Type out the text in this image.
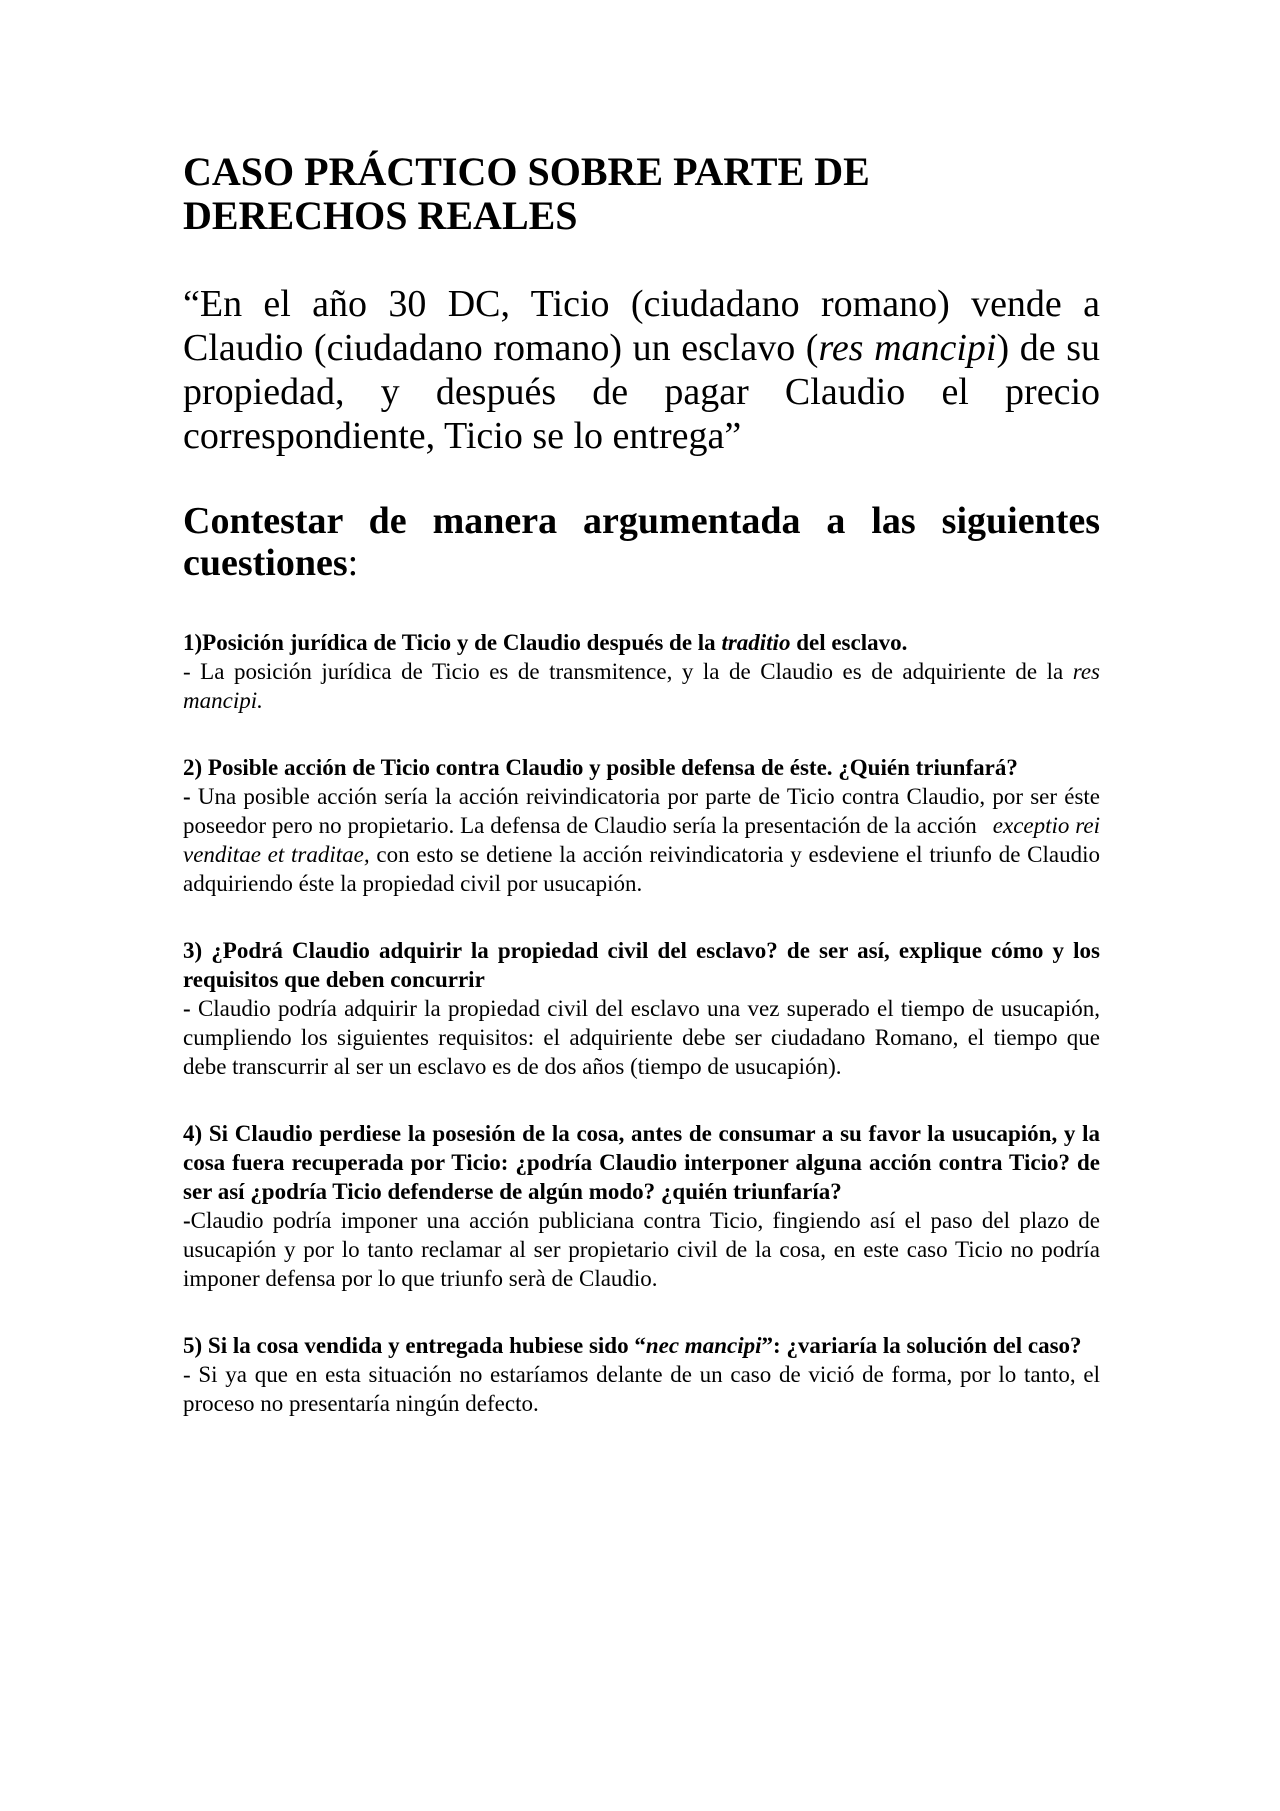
CASO PRÁCTICO SOBRE PARTE DE DERECHOS REALES

“En el año 30 DC, Ticio (ciudadano romano) vende a Claudio (ciudadano romano) un esclavo (res mancipi) de su propiedad, y después de pagar Claudio el precio correspondiente, Ticio se lo entrega”

Contestar de manera argumentada a las siguientes cuestiones:

1)Posición jurídica de Ticio y de Claudio después de la traditio del esclavo.

- La posición jurídica de Ticio es de transmitence, y la de Claudio es de adquiriente de la res mancipi.

2) Posible acción de Ticio contra Claudio y posible defensa de éste. ¿Quién triunfará?

- Una posible acción sería la acción reivindicatoria por parte de Ticio contra Claudio, por ser éste poseedor pero no propietario. La defensa de Claudio sería la presentación de la acción exceptio rei venditae et traditae, con esto se detiene la acción reivindicatoria y esdeviene el triunfo de Claudio adquiriendo éste la propiedad civil por usucapión.

3) ¿Podrá Claudio adquirir la propiedad civil del esclavo? de ser así, explique cómo y los requisitos que deben concurrir

- Claudio podría adquirir la propiedad civil del esclavo una vez superado el tiempo de usucapión, cumpliendo los siguientes requisitos: el adquiriente debe ser ciudadano Romano, el tiempo que debe transcurrir al ser un esclavo es de dos años (tiempo de usucapión).

4) Si Claudio perdiese la posesión de la cosa, antes de consumar a su favor la usucapión, y la cosa fuera recuperada por Ticio: ¿podría Claudio interponer alguna acción contra Ticio? de ser así ¿podría Ticio defenderse de algún modo? ¿quién triunfaría?

-Claudio podría imponer una acción publiciana contra Ticio, fingiendo así el paso del plazo de usucapión y por lo tanto reclamar al ser propietario civil de la cosa, en este caso Ticio no podría imponer defensa por lo que triunfo serà de Claudio.

5) Si la cosa vendida y entregada hubiese sido “nec mancipi”: ¿variaría la solución del caso?

- Si ya que en esta situación no estaríamos delante de un caso de vició de forma, por lo tanto, el proceso no presentaría ningún defecto.
